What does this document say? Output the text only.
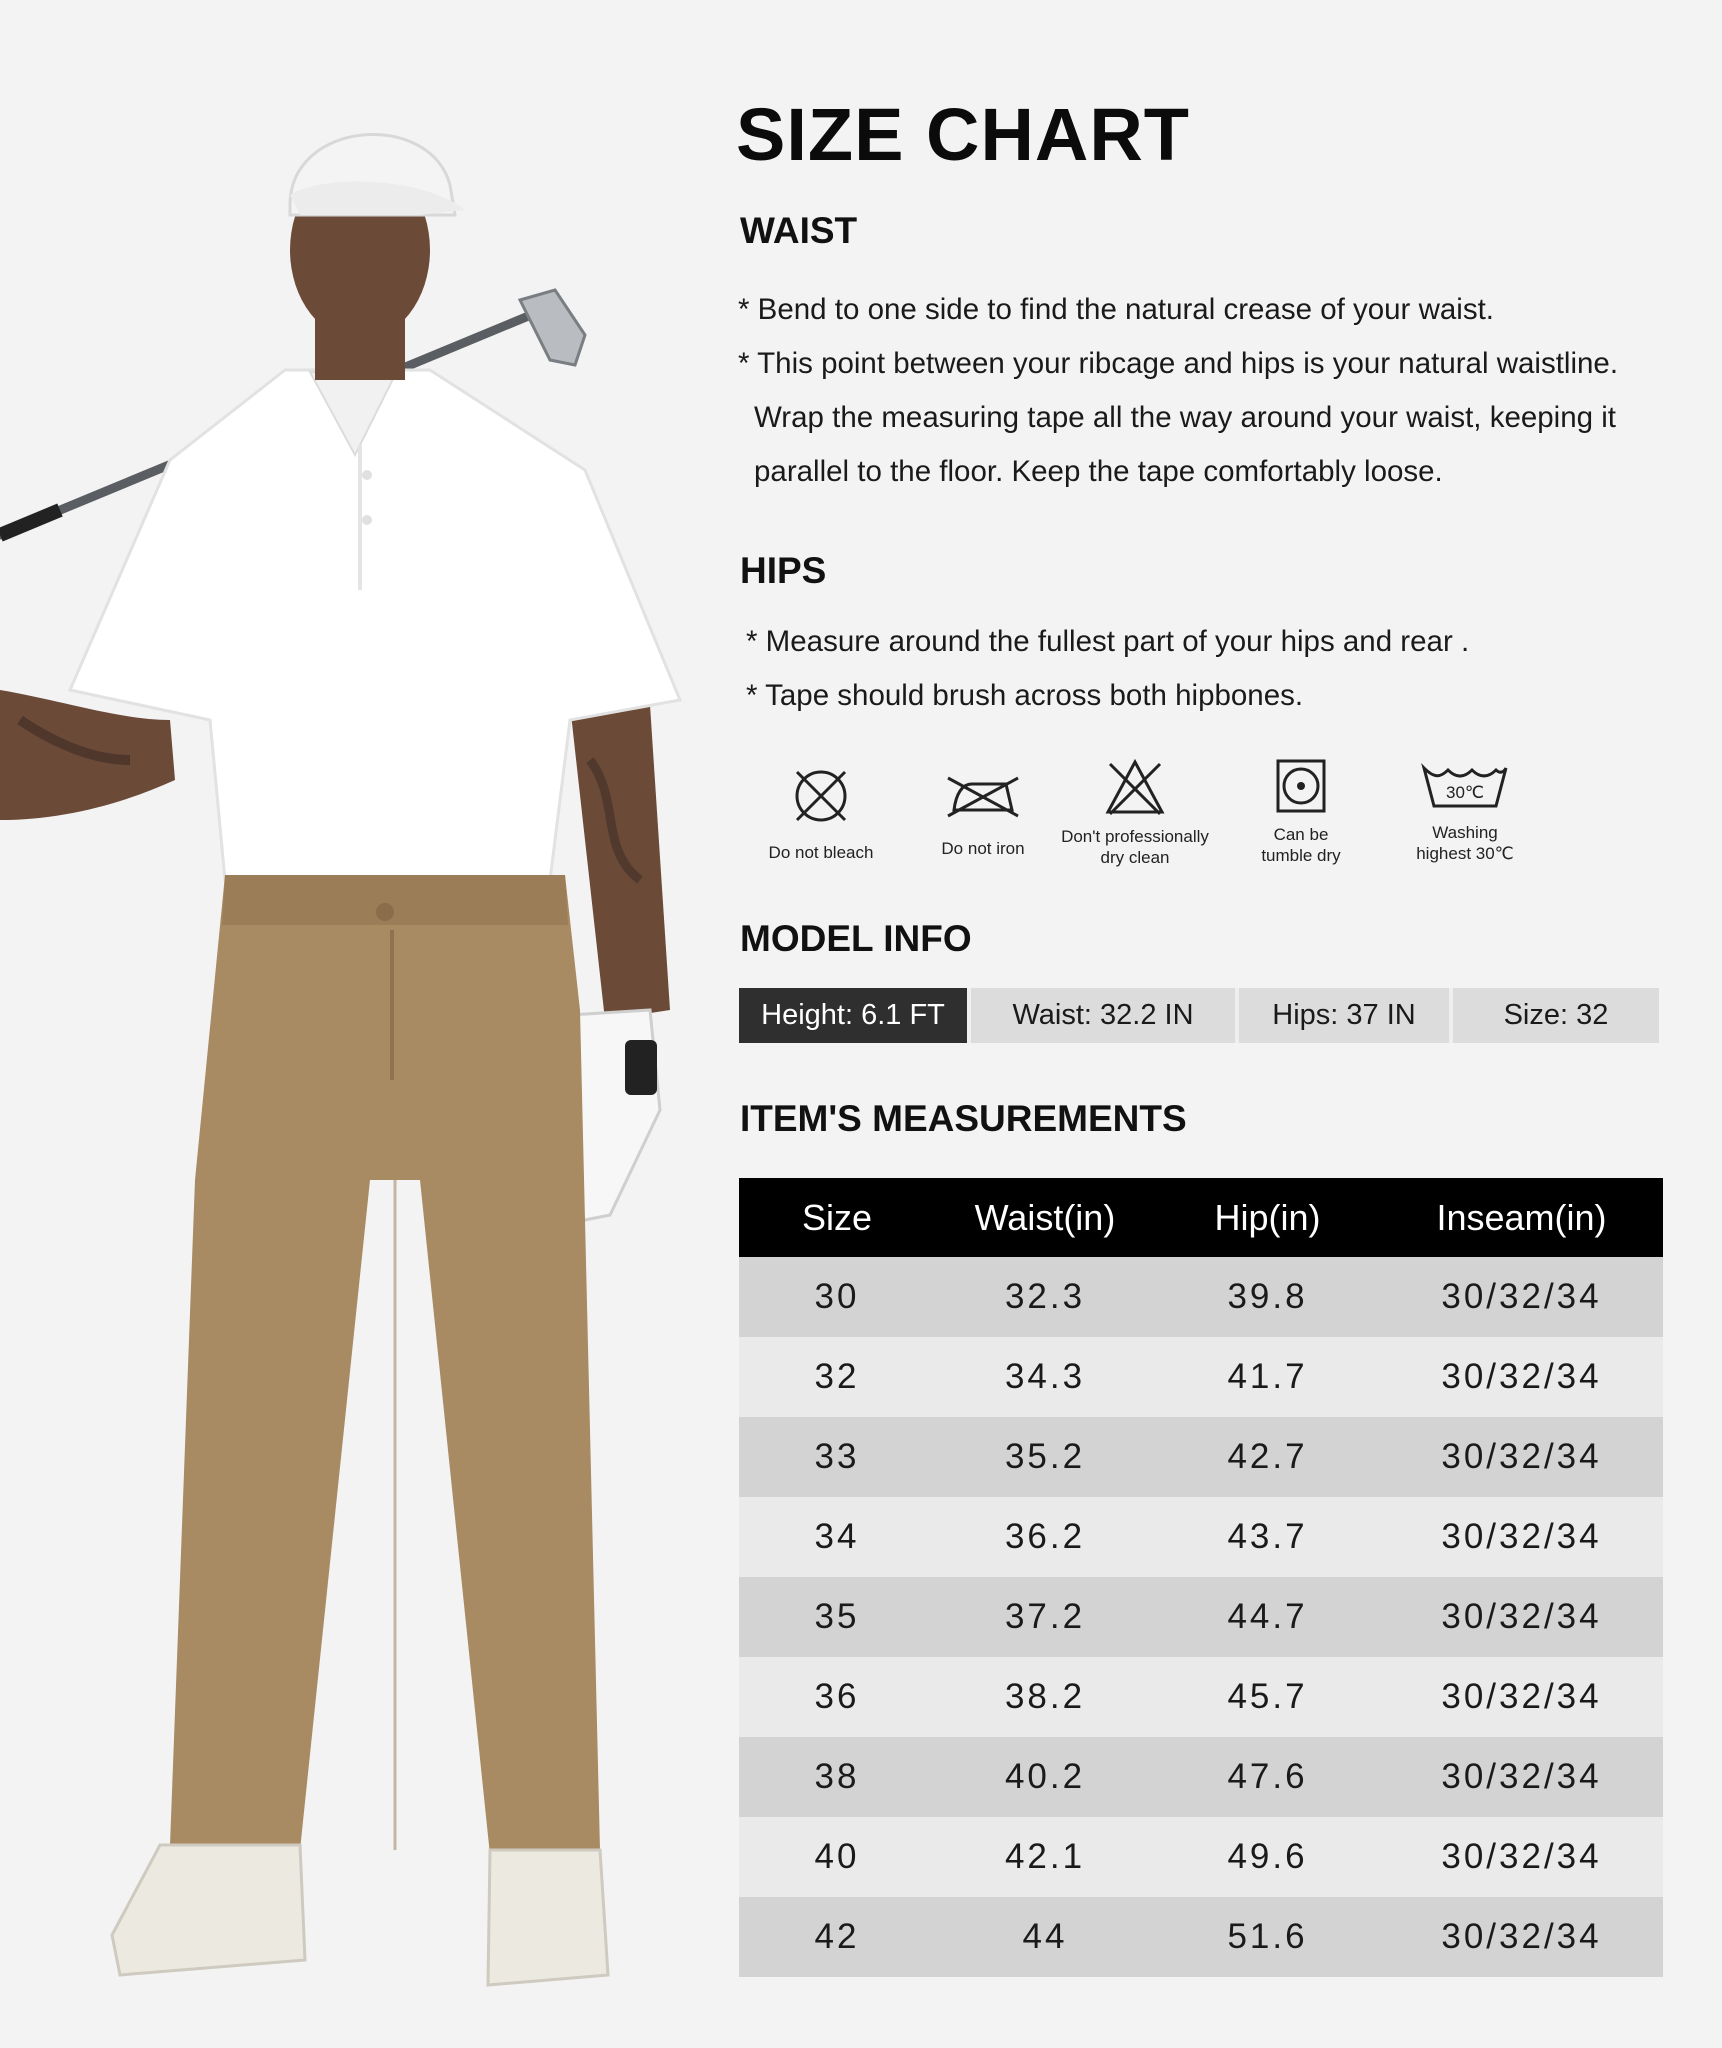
SIZE CHART
WAIST
* Bend to one side to find the natural crease of your waist.
* This point between your ribcage and hips is your natural waistline.
Wrap the measuring tape all the way around your waist, keeping it
parallel to the floor. Keep the tape comfortably loose.
HIPS
* Measure around the fullest part of your hips and rear .
* Tape should brush across both hipbones.
Do not bleach	Do not iron
Don't professionally
dry clean
Can be
tumble dry
30℃
Washing
highest 30℃
MODEL INFO
Height: 6.1 FT	Waist: 32.2 IN	Hips: 37 IN	Size: 32
ITEM'S MEASUREMENTS
Size	Waist(in)	Hip(in)	Inseam(in)
30	32.3	39.8	30/32/34
32	34.3	41.7	30/32/34
33	35.2	42.7	30/32/34
34	36.2	43.7	30/32/34
35	37.2	44.7	30/32/34
36	38.2	45.7	30/32/34
38	40.2	47.6	30/32/34
40	42.1	49.6	30/32/34
42	44	51.6	30/32/34
